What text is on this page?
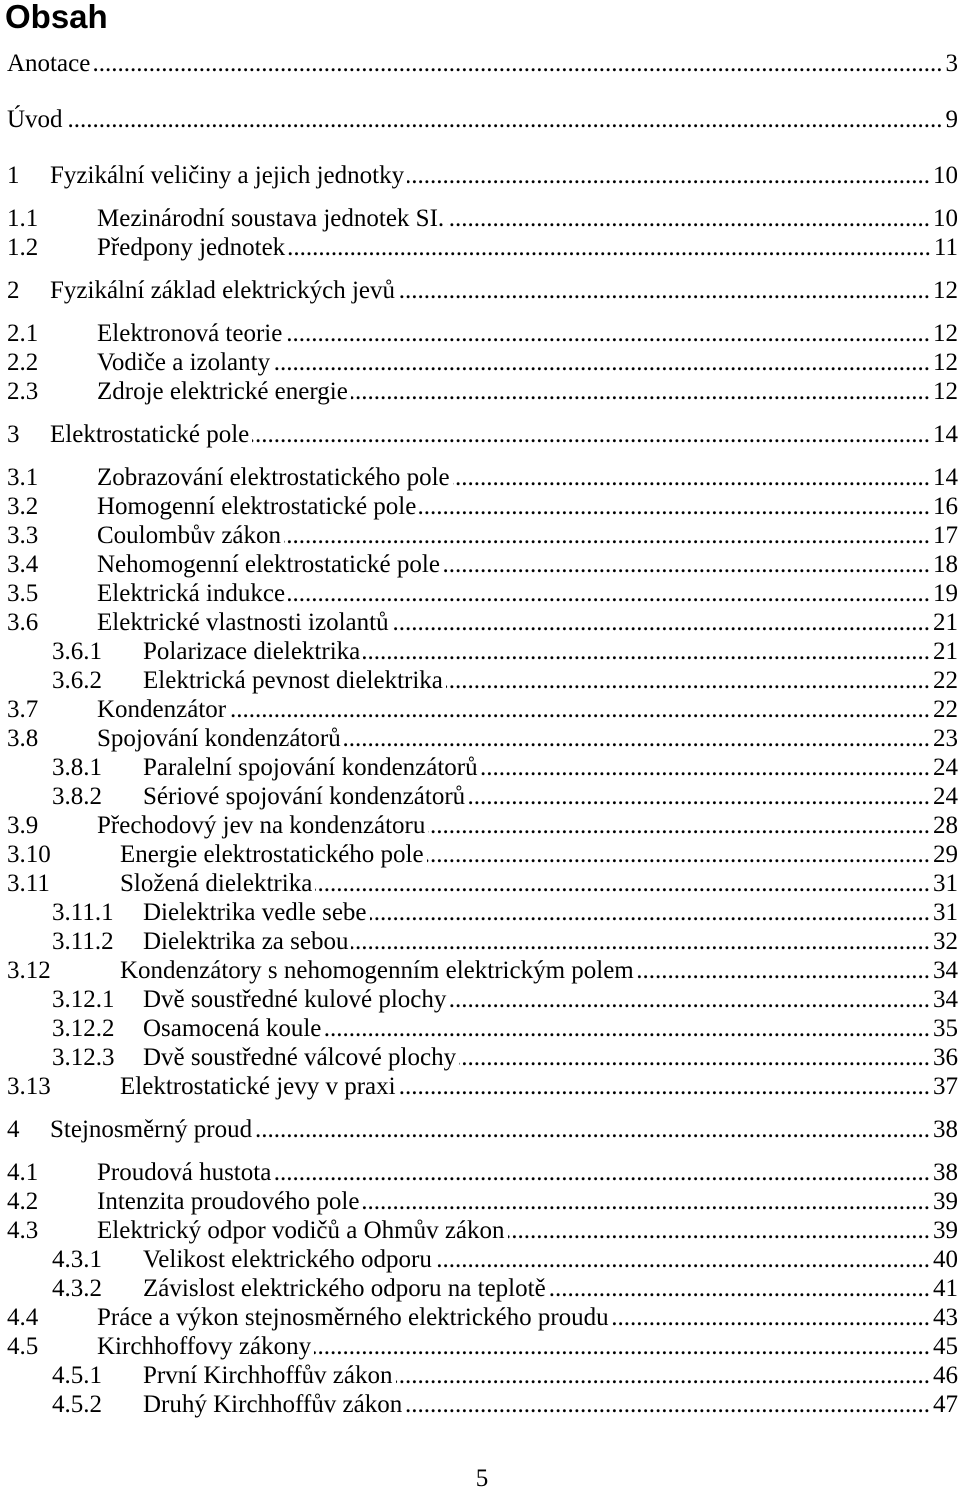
Obsah
Anotace .....	3
Úvod .....	9
1	Fyzikální veličiny a jejich jednotky .....	10
1.1	Mezinárodní soustava jednotek SI. .....	10
1.2	Předpony jednotek .....	11
2	Fyzikální základ elektrických jevů .....	12
2.1	Elektronová teorie .....	12
2.2	Vodiče a izolanty .....	12
2.3	Zdroje elektrické energie .....	12
3	Elektrostatické pole .....	14
3.1	Zobrazování elektrostatického pole .....	14
3.2	Homogenní elektrostatické pole .....	16
3.3	Coulombův zákon .....	17
3.4	Nehomogenní elektrostatické pole .....	18
3.5	Elektrická indukce .....	19
3.6	Elektrické vlastnosti izolantů .....	21
3.6.1	Polarizace dielektrika .....	21
3.6.2	Elektrická pevnost dielektrika .....	22
3.7	Kondenzátor .....	22
3.8	Spojování kondenzátorů .....	23
3.8.1	Paralelní spojování kondenzátorů .....	24
3.8.2	Sériové spojování kondenzátorů .....	24
3.9	Přechodový jev na kondenzátoru .....	28
3.10	Energie elektrostatického pole .....	29
3.11	Složená dielektrika .....	31
3.11.1	Dielektrika vedle sebe .....	31
3.11.2	Dielektrika za sebou .....	32
3.12	Kondenzátory s nehomogenním elektrickým polem .....	34
3.12.1	Dvě soustředné kulové plochy .....	34
3.12.2	Osamocená koule .....	35
3.12.3	Dvě soustředné válcové plochy .....	36
3.13	Elektrostatické jevy v praxi .....	37
4	Stejnosměrný proud .....	38
4.1	Proudová hustota .....	38
4.2	Intenzita proudového pole .....	39
4.3	Elektrický odpor vodičů a Ohmův zákon .....	39
4.3.1	Velikost elektrického odporu .....	40
4.3.2	Závislost elektrického odporu na teplotě .....	41
4.4	Práce a výkon stejnosměrného elektrického proudu .....	43
4.5	Kirchhoffovy zákony .....	45
4.5.1	První Kirchhoffův zákon .....	46
4.5.2	Druhý Kirchhoffův zákon .....	47
5
